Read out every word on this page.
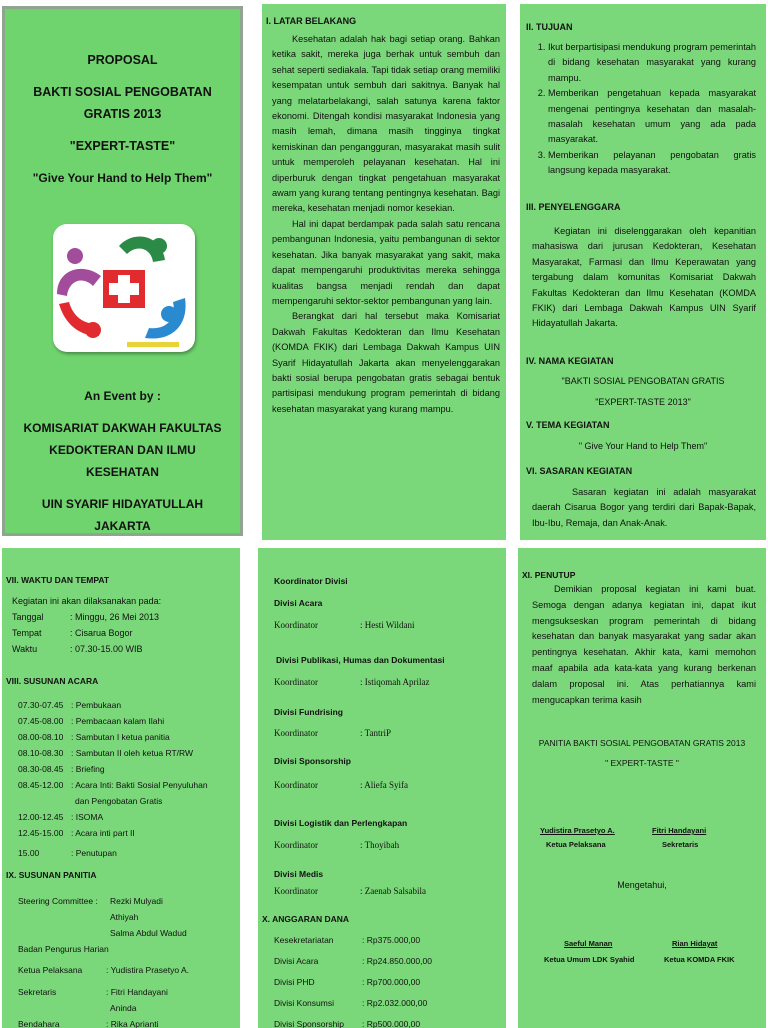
PROPOSAL
BAKTI SOSIAL PENGOBATAN
GRATIS 2013
"EXPERT-TASTE"
"Give Your Hand to Help Them"
An Event by :
KOMISARIAT DAKWAH FAKULTAS
KEDOKTERAN DAN ILMU
KESEHATAN
UIN SYARIF HIDAYATULLAH
JAKARTA
I. LATAR BELAKANG

Kesehatan adalah hak bagi setiap orang. Bahkan ketika sakit, mereka juga berhak untuk sembuh dan sehat seperti sediakala. Tapi tidak setiap orang memiliki kesempatan untuk sembuh dari sakitnya. Banyak hal yang melatarbelakangi, salah satunya karena faktor ekonomi. Ditengah kondisi masyarakat Indonesia yang masih lemah, dimana masih tingginya tingkat kemiskinan dan pengangguran, masyarakat masih sulit untuk memperoleh pelayanan kesehatan. Hal ini diperburuk dengan tingkat pengetahuan masyarakat awam yang kurang tentang pentingnya kesehatan. Bagi mereka, kesehatan menjadi nomor kesekian.

Hal ini dapat berdampak pada salah satu rencana pembangunan Indonesia, yaitu pembangunan di sektor kesehatan. Jika banyak masyarakat yang sakit, maka dapat mempengaruhi produktivitas mereka sehingga kualitas bangsa menjadi rendah dan dapat mempengaruhi sektor-sektor pembangunan yang lain.

Berangkat dari hal tersebut maka Komisariat Dakwah Fakultas Kedokteran dan Ilmu Kesehatan (KOMDA FKIK) dari Lembaga Dakwah Kampus UIN Syarif Hidayatullah Jakarta akan menyelenggarakan bakti sosial berupa pengobatan gratis sebagai bentuk partisipasi mendukung program pemerintah di bidang kesehatan masyarakat yang kurang mampu.

II. TUJUAN
1. Ikut berpartisipasi mendukung program pemerintah di bidang kesehatan masyarakat yang kurang mampu.
2. Memberikan pengetahuan kepada masyarakat mengenai pentingnya kesehatan dan masalah-masalah kesehatan umum yang ada pada masyarakat.
3. Memberikan pelayanan pengobatan gratis langsung kepada masyarakat.
III. PENYELENGGARA

Kegiatan ini diselenggarakan oleh kepanitian mahasiswa dari jurusan Kedokteran, Kesehatan Masyarakat, Farmasi dan Ilmu Keperawatan yang tergabung dalam komunitas Komisariat Dakwah Fakultas Kedokteran dan Ilmu Kesehatan (KOMDA FKIK) dari Lembaga Dakwah Kampus UIN Syarif Hidayatullah Jakarta.

IV. NAMA KEGIATAN
"BAKTI SOSIAL PENGOBATAN GRATIS
"EXPERT-TASTE 2013"
V. TEMA KEGIATAN
" Give Your Hand to Help Them"
VI. SASARAN KEGIATAN

Sasaran kegiatan ini adalah masyarakat daerah Cisarua Bogor yang terdiri dari Bapak-Bapak, Ibu-Ibu, Remaja, dan Anak-Anak.

VII. WAKTU DAN TEMPAT
Kegiatan ini akan dilaksanakan pada:
Tanggal	: Minggu, 26 Mei 2013
Tempat	: Cisarua Bogor
Waktu	: 07.30-15.00 WIB
VIII. SUSUNAN ACARA
07.30-07.45 : Pembukaan
07.45-08.00 : Pembacaan kalam Ilahi
08.00-08.10 : Sambutan I ketua panitia
08.10-08.30 : Sambutan II oleh ketua RT/RW
08.30-08.45 : Briefing
08.45-12.00 : Acara Inti: Bakti Sosial Penyuluhan
dan Pengobatan Gratis
12.00-12.45 : ISOMA
12.45-15.00 : Acara inti part II
15.00	: Penutupan
IX. SUSUNAN PANITIA
Steering Committee : Rezki Mulyadi
Athiyah
Salma Abdul Wadud
Badan Pengurus Harian
Ketua Pelaksana	: Yudistira Prasetyo A.
Sekretaris	: Fitri Handayani
Aninda
Bendahara	: Rika Aprianti
Koordinator Divisi
Divisi Acara
Koordinator	: Hesti Wildani
Divisi Publikasi, Humas dan Dokumentasi
Koordinator	: Istiqomah Aprilaz
Divisi Fundrising
Koordinator	: TantriP
Divisi Sponsorship
Koordinator	: Aliefa Syifa
Divisi Logistik dan Perlengkapan
Koordinator	: Thoyibah
Divisi Medis
Koordinator	: Zaenab Salsabila
X. ANGGARAN DANA
Kesekretariatan	: Rp375.000,00
Divisi Acara	: Rp24.850.000,00
Divisi PHD	: Rp700.000,00
Divisi Konsumsi	: Rp2.032.000,00
Divisi Sponsorship : Rp500.000,00
XI. PENUTUP

Demikian proposal kegiatan ini kami buat. Semoga dengan adanya kegiatan ini, dapat ikut mengsukseskan program pemerintah di bidang kesehatan dan banyak masyarakat yang sadar akan pentingnya kesehatan. Akhir kata, kami memohon maaf apabila ada kata-kata yang kurang berkenan dalam proposal ini. Atas perhatiannya kami mengucapkan terima kasih

PANITIA BAKTI SOSIAL PENGOBATAN GRATIS 2013
" EXPERT-TASTE "
Yudistira Prasetyo A.
Ketua Pelaksana
Fitri Handayani
Sekretaris
Mengetahui,
Saeful Manan
Ketua Umum LDK Syahid
Rian Hidayat
Ketua KOMDA FKIK
